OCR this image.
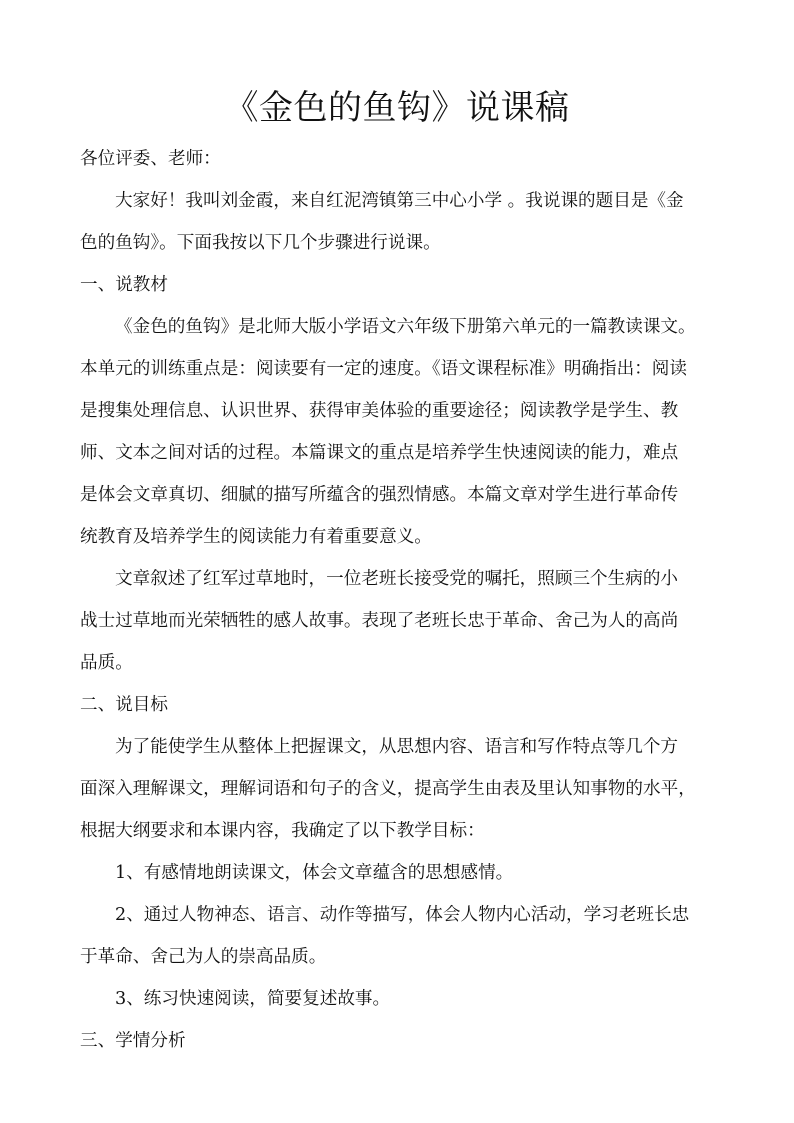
《金色的鱼钩》说课稿
各位评委、老师：
大家好！我叫刘金霞，来自红泥湾镇第三中心小学 。我说课的题目是《金
色的鱼钩》。下面我按以下几个步骤进行说课。
一、说教材
《金色的鱼钩》是北师大版小学语文六年级下册第六单元的一篇教读课文。
本单元的训练重点是：阅读要有一定的速度。《语文课程标准》明确指出：阅读
是搜集处理信息、认识世界、获得审美体验的重要途径；阅读教学是学生、教
师、文本之间对话的过程。本篇课文的重点是培养学生快速阅读的能力，难点
是体会文章真切、细腻的描写所蕴含的强烈情感。本篇文章对学生进行革命传
统教育及培养学生的阅读能力有着重要意义。
文章叙述了红军过草地时，一位老班长接受党的嘱托，照顾三个生病的小
战士过草地而光荣牺牲的感人故事。表现了老班长忠于革命、舍己为人的高尚
品质。
二、说目标
为了能使学生从整体上把握课文，从思想内容、语言和写作特点等几个方
面深入理解课文，理解词语和句子的含义，提高学生由表及里认知事物的水平，
根据大纲要求和本课内容，我确定了以下教学目标：
1、有感情地朗读课文，体会文章蕴含的思想感情。
2、通过人物神态、语言、动作等描写，体会人物内心活动，学习老班长忠
于革命、舍己为人的崇高品质。
3、练习快速阅读，简要复述故事。
三、学情分析
